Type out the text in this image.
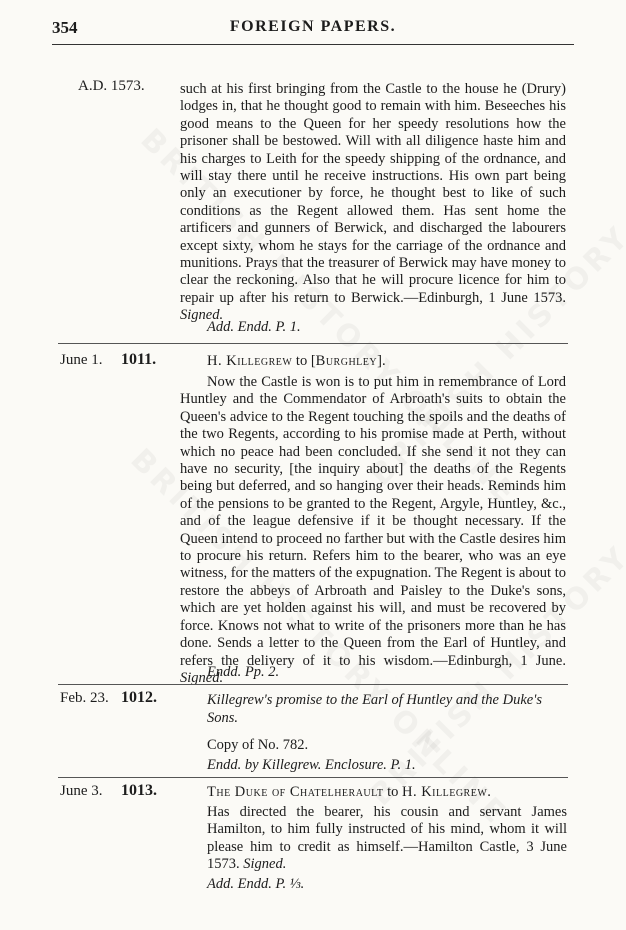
354	FOREIGN PAPERS.
A.D. 1573. such at his first bringing from the Castle to the house he (Drury) lodges in, that he thought good to remain with him. Beseeches his good means to the Queen for her speedy resolutions how the prisoner shall be bestowed. Will with all diligence haste him and his charges to Leith for the speedy shipping of the ordnance, and will stay there until he receive instructions. His own part being only an executioner by force, he thought best to like of such conditions as the Regent allowed them. Has sent home the artificers and gunners of Berwick, and discharged the labourers except sixty, whom he stays for the carriage of the ordnance and munitions. Prays that the treasurer of Berwick may have money to clear the reckoning. Also that he will procure licence for him to repair up after his return to Berwick.—Edinburgh, 1 June 1573. Signed.

Add. Endd. P. 1.
June 1. 1011.	H. Killegrew to [Burghley].

Now the Castle is won is to put him in remembrance of Lord Huntley and the Commendator of Arbroath's suits to obtain the Queen's advice to the Regent touching the spoils and the deaths of the two Regents, according to his promise made at Perth, without which no peace had been concluded. If she send it not they can have no security, [the inquiry about] the deaths of the Regents being but deferred, and so hanging over their heads. Reminds him of the pensions to be granted to the Regent, Argyle, Huntley, &c., and of the league defensive if it be thought necessary. If the Queen intend to proceed no farther but with the Castle desires him to procure his return. Refers him to the bearer, who was an eye witness, for the matters of the expugnation. The Regent is about to restore the abbeys of Arbroath and Paisley to the Duke's sons, which are yet holden against his will, and must be recovered by force. Knows not what to write of the prisoners more than he has done. Sends a letter to the Queen from the Earl of Huntley, and refers the delivery of it to his wisdom.—Edinburgh, 1 June. Signed.

Endd. Pp. 2.
Feb. 23. 1012.	Killegrew's promise to the Earl of Huntley and the Duke's Sons.
Copy of No. 782.
Endd. by Killegrew. Enclosure. P. 1.
June 3. 1013.	The Duke of Chatelherault to H. Killegrew.

Has directed the bearer, his cousin and servant James Hamilton, to him fully instructed of his mind, whom it will please him to credit as himself.—Hamilton Castle, 3 June 1573. Signed.

Add. Endd. P. ⅓.
